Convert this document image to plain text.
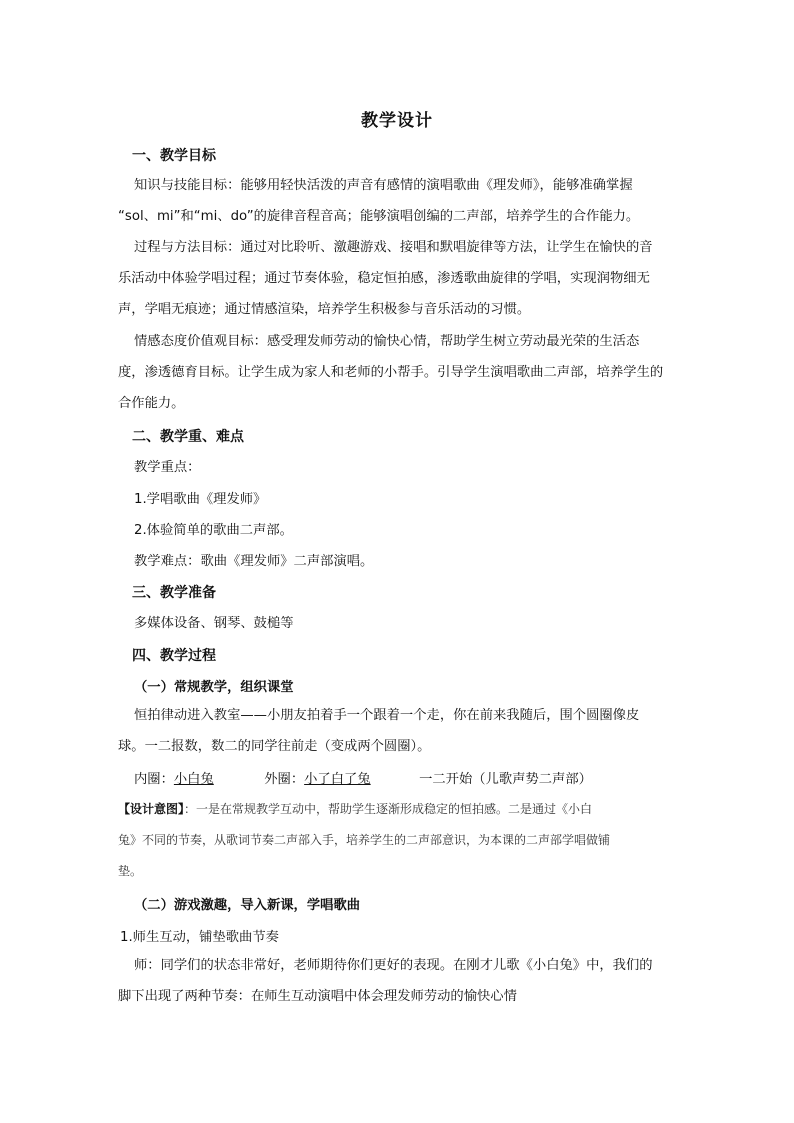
教学设计
一、教学目标
知识与技能目标：能够用轻快活泼的声音有感情的演唱歌曲《理发师》，能够准确掌握
“sol、mi”和“mi、do”的旋律音程音高；能够演唱创编的二声部，培养学生的合作能力。
过程与方法目标：通过对比聆听、激趣游戏、接唱和默唱旋律等方法，让学生在愉快的音
乐活动中体验学唱过程；通过节奏体验，稳定恒拍感，渗透歌曲旋律的学唱，实现润物细无
声，学唱无痕迹；通过情感渲染，培养学生积极参与音乐活动的习惯。
情感态度价值观目标：感受理发师劳动的愉快心情，帮助学生树立劳动最光荣的生活态
度，渗透德育目标。让学生成为家人和老师的小帮手。引导学生演唱歌曲二声部，培养学生的
合作能力。
二、教学重、难点
教学重点：
1.学唱歌曲《理发师》
2.体验简单的歌曲二声部。
教学难点：歌曲《理发师》二声部演唱。
三、教学准备
多媒体设备、钢琴、鼓槌等
四、教学过程
（一）常规教学，组织课堂
恒拍律动进入教室——小朋友拍着手一个跟着一个走，你在前来我随后，围个圆圈像皮
球。一二报数，数二的同学往前走（变成两个圆圈）。
内圈：小白兔	外圈：小了白了兔	一二开始（儿歌声势二声部）
【设计意图】：一是在常规教学互动中，帮助学生逐渐形成稳定的恒拍感。二是通过《小白
兔》不同的节奏，从歌词节奏二声部入手，培养学生的二声部意识，为本课的二声部学唱做铺
垫。
（二）游戏激趣，导入新课，学唱歌曲
1.师生互动，铺垫歌曲节奏
师：同学们的状态非常好，老师期待你们更好的表现。在刚才儿歌《小白兔》中，我们的
脚下出现了两种节奏：在师生互动演唱中体会理发师劳动的愉快心情
